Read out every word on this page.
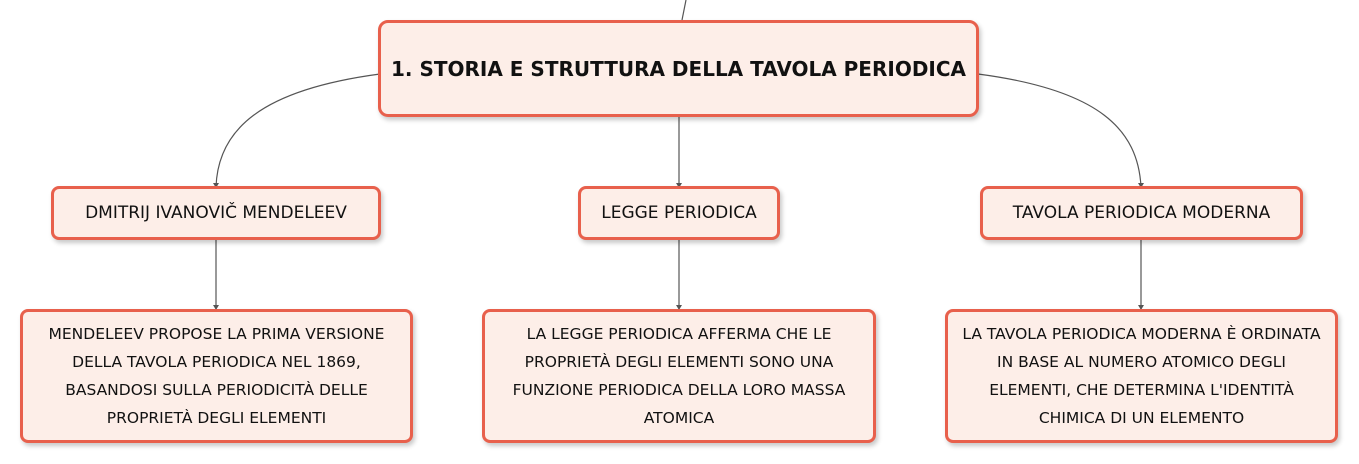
1. STORIA E STRUTTURA DELLA TAVOLA PERIODICA
DMITRIJ IVANOVIČ MENDELEEV	LEGGE PERIODICA	TAVOLA PERIODICA MODERNA
MENDELEEV PROPOSE LA PRIMA VERSIONE DELLA TAVOLA PERIODICA NEL 1869, BASANDOSI SULLA PERIODICITÀ DELLE PROPRIETÀ DEGLI ELEMENTI
LA LEGGE PERIODICA AFFERMA CHE LE PROPRIETÀ DEGLI ELEMENTI SONO UNA FUNZIONE PERIODICA DELLA LORO MASSA ATOMICA
LA TAVOLA PERIODICA MODERNA È ORDINATA IN BASE AL NUMERO ATOMICO DEGLI ELEMENTI, CHE DETERMINA L'IDENTITÀ CHIMICA DI UN ELEMENTO
